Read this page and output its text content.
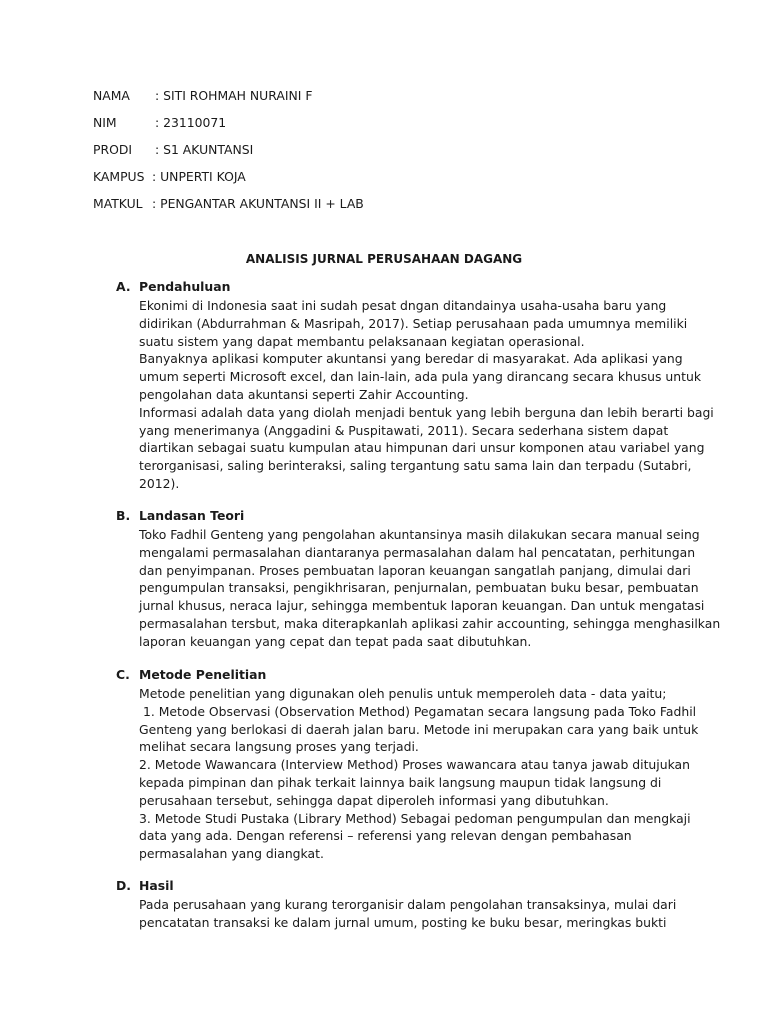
NAMA : SITI ROHMAH NURAINI F
NIM	: 23110071
PRODI : S1 AKUNTANSI
KAMPUS : UNPERTI KOJA
MATKUL : PENGANTAR AKUNTANSI II + LAB
ANALISIS JURNAL PERUSAHAAN DAGANG
A. Pendahuluan
Ekonimi di Indonesia saat ini sudah pesat dngan ditandainya usaha-usaha baru yang
didirikan (Abdurrahman & Masripah, 2017). Setiap perusahaan pada umumnya memiliki
suatu sistem yang dapat membantu pelaksanaan kegiatan operasional.
Banyaknya aplikasi komputer akuntansi yang beredar di masyarakat. Ada aplikasi yang
umum seperti Microsoft excel, dan lain-lain, ada pula yang dirancang secara khusus untuk
pengolahan data akuntansi seperti Zahir Accounting.
Informasi adalah data yang diolah menjadi bentuk yang lebih berguna dan lebih berarti bagi
yang menerimanya (Anggadini & Puspitawati, 2011). Secara sederhana sistem dapat
diartikan sebagai suatu kumpulan atau himpunan dari unsur komponen atau variabel yang
terorganisasi, saling berinteraksi, saling tergantung satu sama lain dan terpadu (Sutabri,
2012).
B. Landasan Teori
Toko Fadhil Genteng yang pengolahan akuntansinya masih dilakukan secara manual seing
mengalami permasalahan diantaranya permasalahan dalam hal pencatatan, perhitungan
dan penyimpanan. Proses pembuatan laporan keuangan sangatlah panjang, dimulai dari
pengumpulan transaksi, pengikhrisaran, penjurnalan, pembuatan buku besar, pembuatan
jurnal khusus, neraca lajur, sehingga membentuk laporan keuangan. Dan untuk mengatasi
permasalahan tersbut, maka diterapkanlah aplikasi zahir accounting, sehingga menghasilkan
laporan keuangan yang cepat dan tepat pada saat dibutuhkan.
C. Metode Penelitian
Metode penelitian yang digunakan oleh penulis untuk memperoleh data - data yaitu;
1. Metode Observasi (Observation Method) Pegamatan secara langsung pada Toko Fadhil
Genteng yang berlokasi di daerah jalan baru. Metode ini merupakan cara yang baik untuk
melihat secara langsung proses yang terjadi.
2. Metode Wawancara (Interview Method) Proses wawancara atau tanya jawab ditujukan
kepada pimpinan dan pihak terkait lainnya baik langsung maupun tidak langsung di
perusahaan tersebut, sehingga dapat diperoleh informasi yang dibutuhkan.
3. Metode Studi Pustaka (Library Method) Sebagai pedoman pengumpulan dan mengkaji
data yang ada. Dengan referensi – referensi yang relevan dengan pembahasan
permasalahan yang diangkat.
D. Hasil
Pada perusahaan yang kurang terorganisir dalam pengolahan transaksinya, mulai dari
pencatatan transaksi ke dalam jurnal umum, posting ke buku besar, meringkas bukti
